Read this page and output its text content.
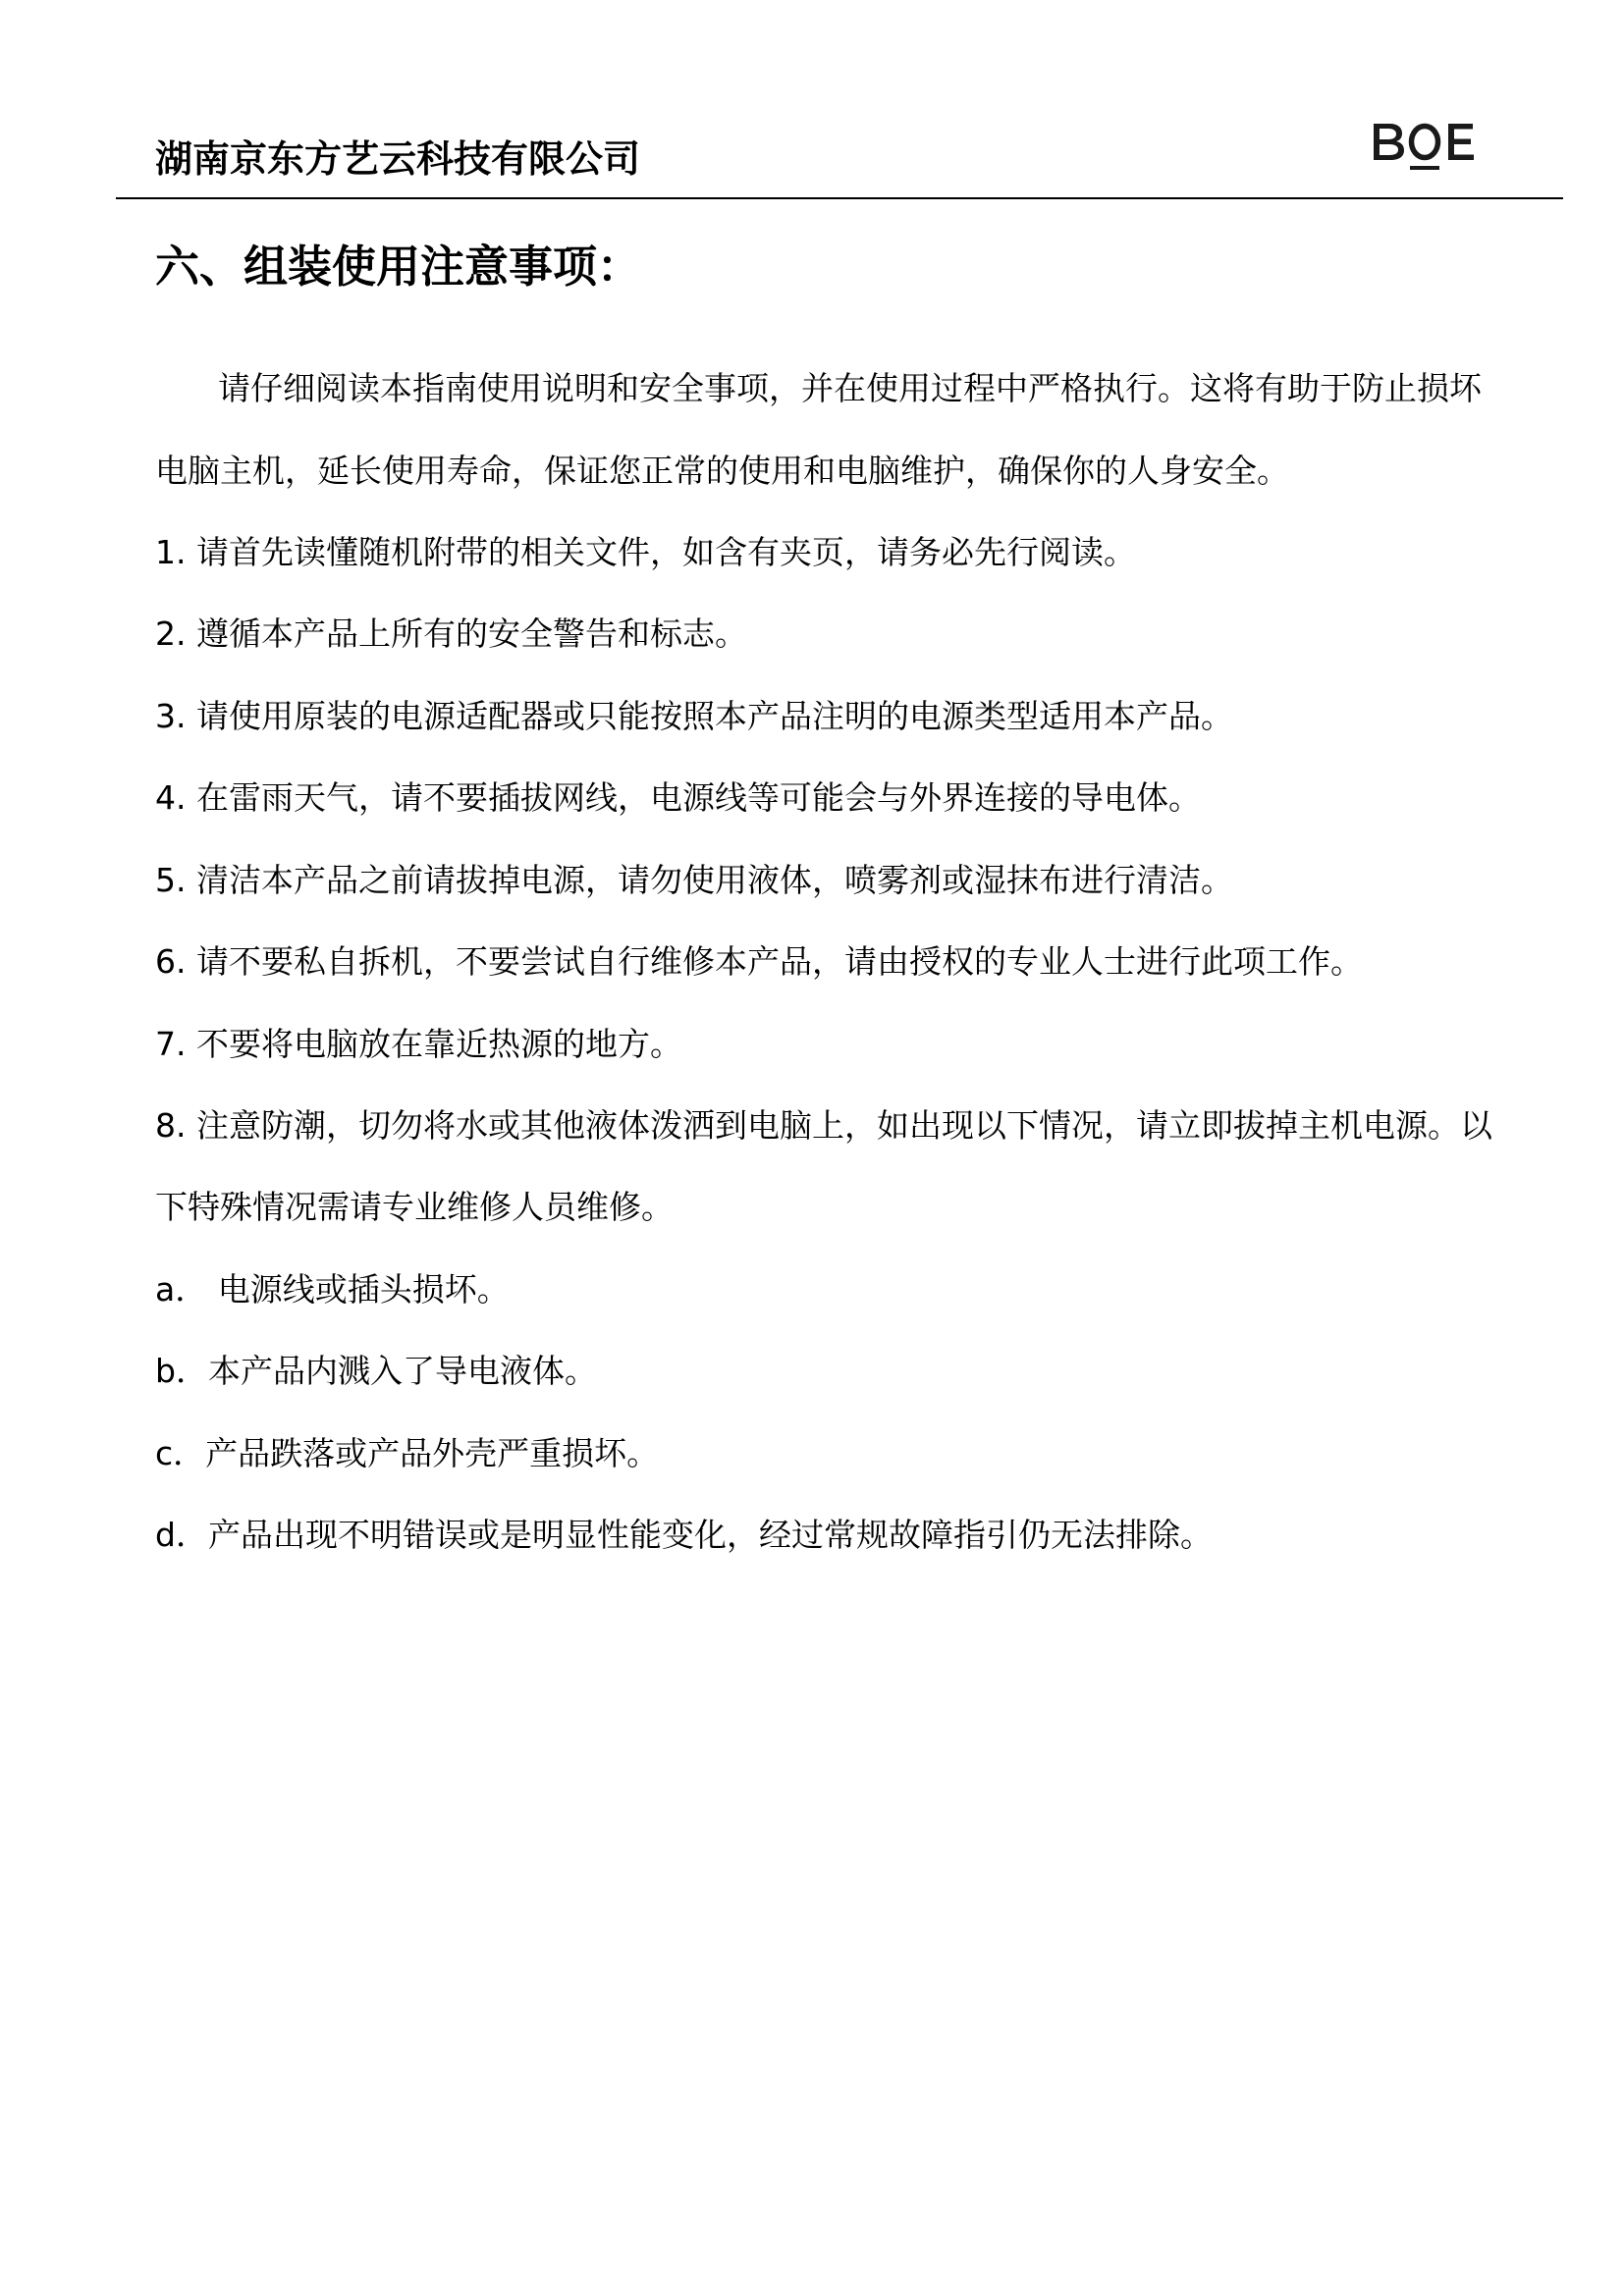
湖南京东方艺云科技有限公司
六、组装使用注意事项：
请仔细阅读本指南使用说明和安全事项，并在使用过程中严格执行。这将有助于防止损坏
电脑主机，延长使用寿命，保证您正常的使用和电脑维护，确保你的人身安全。
1. 请首先读懂随机附带的相关文件，如含有夹页，请务必先行阅读。
2. 遵循本产品上所有的安全警告和标志。
3. 请使用原装的电源适配器或只能按照本产品注明的电源类型适用本产品。
4. 在雷雨天气，请不要插拔网线，电源线等可能会与外界连接的导电体。
5. 清洁本产品之前请拔掉电源，请勿使用液体，喷雾剂或湿抹布进行清洁。
6. 请不要私自拆机，不要尝试自行维修本产品，请由授权的专业人士进行此项工作。
7. 不要将电脑放在靠近热源的地方。
8. 注意防潮，切勿将水或其他液体泼洒到电脑上，如出现以下情况，请立即拔掉主机电源。以
下特殊情况需请专业维修人员维修。
a． 电源线或插头损坏。
b．本产品内溅入了导电液体。
c．产品跌落或产品外壳严重损坏。
d．产品出现不明错误或是明显性能变化，经过常规故障指引仍无法排除。
